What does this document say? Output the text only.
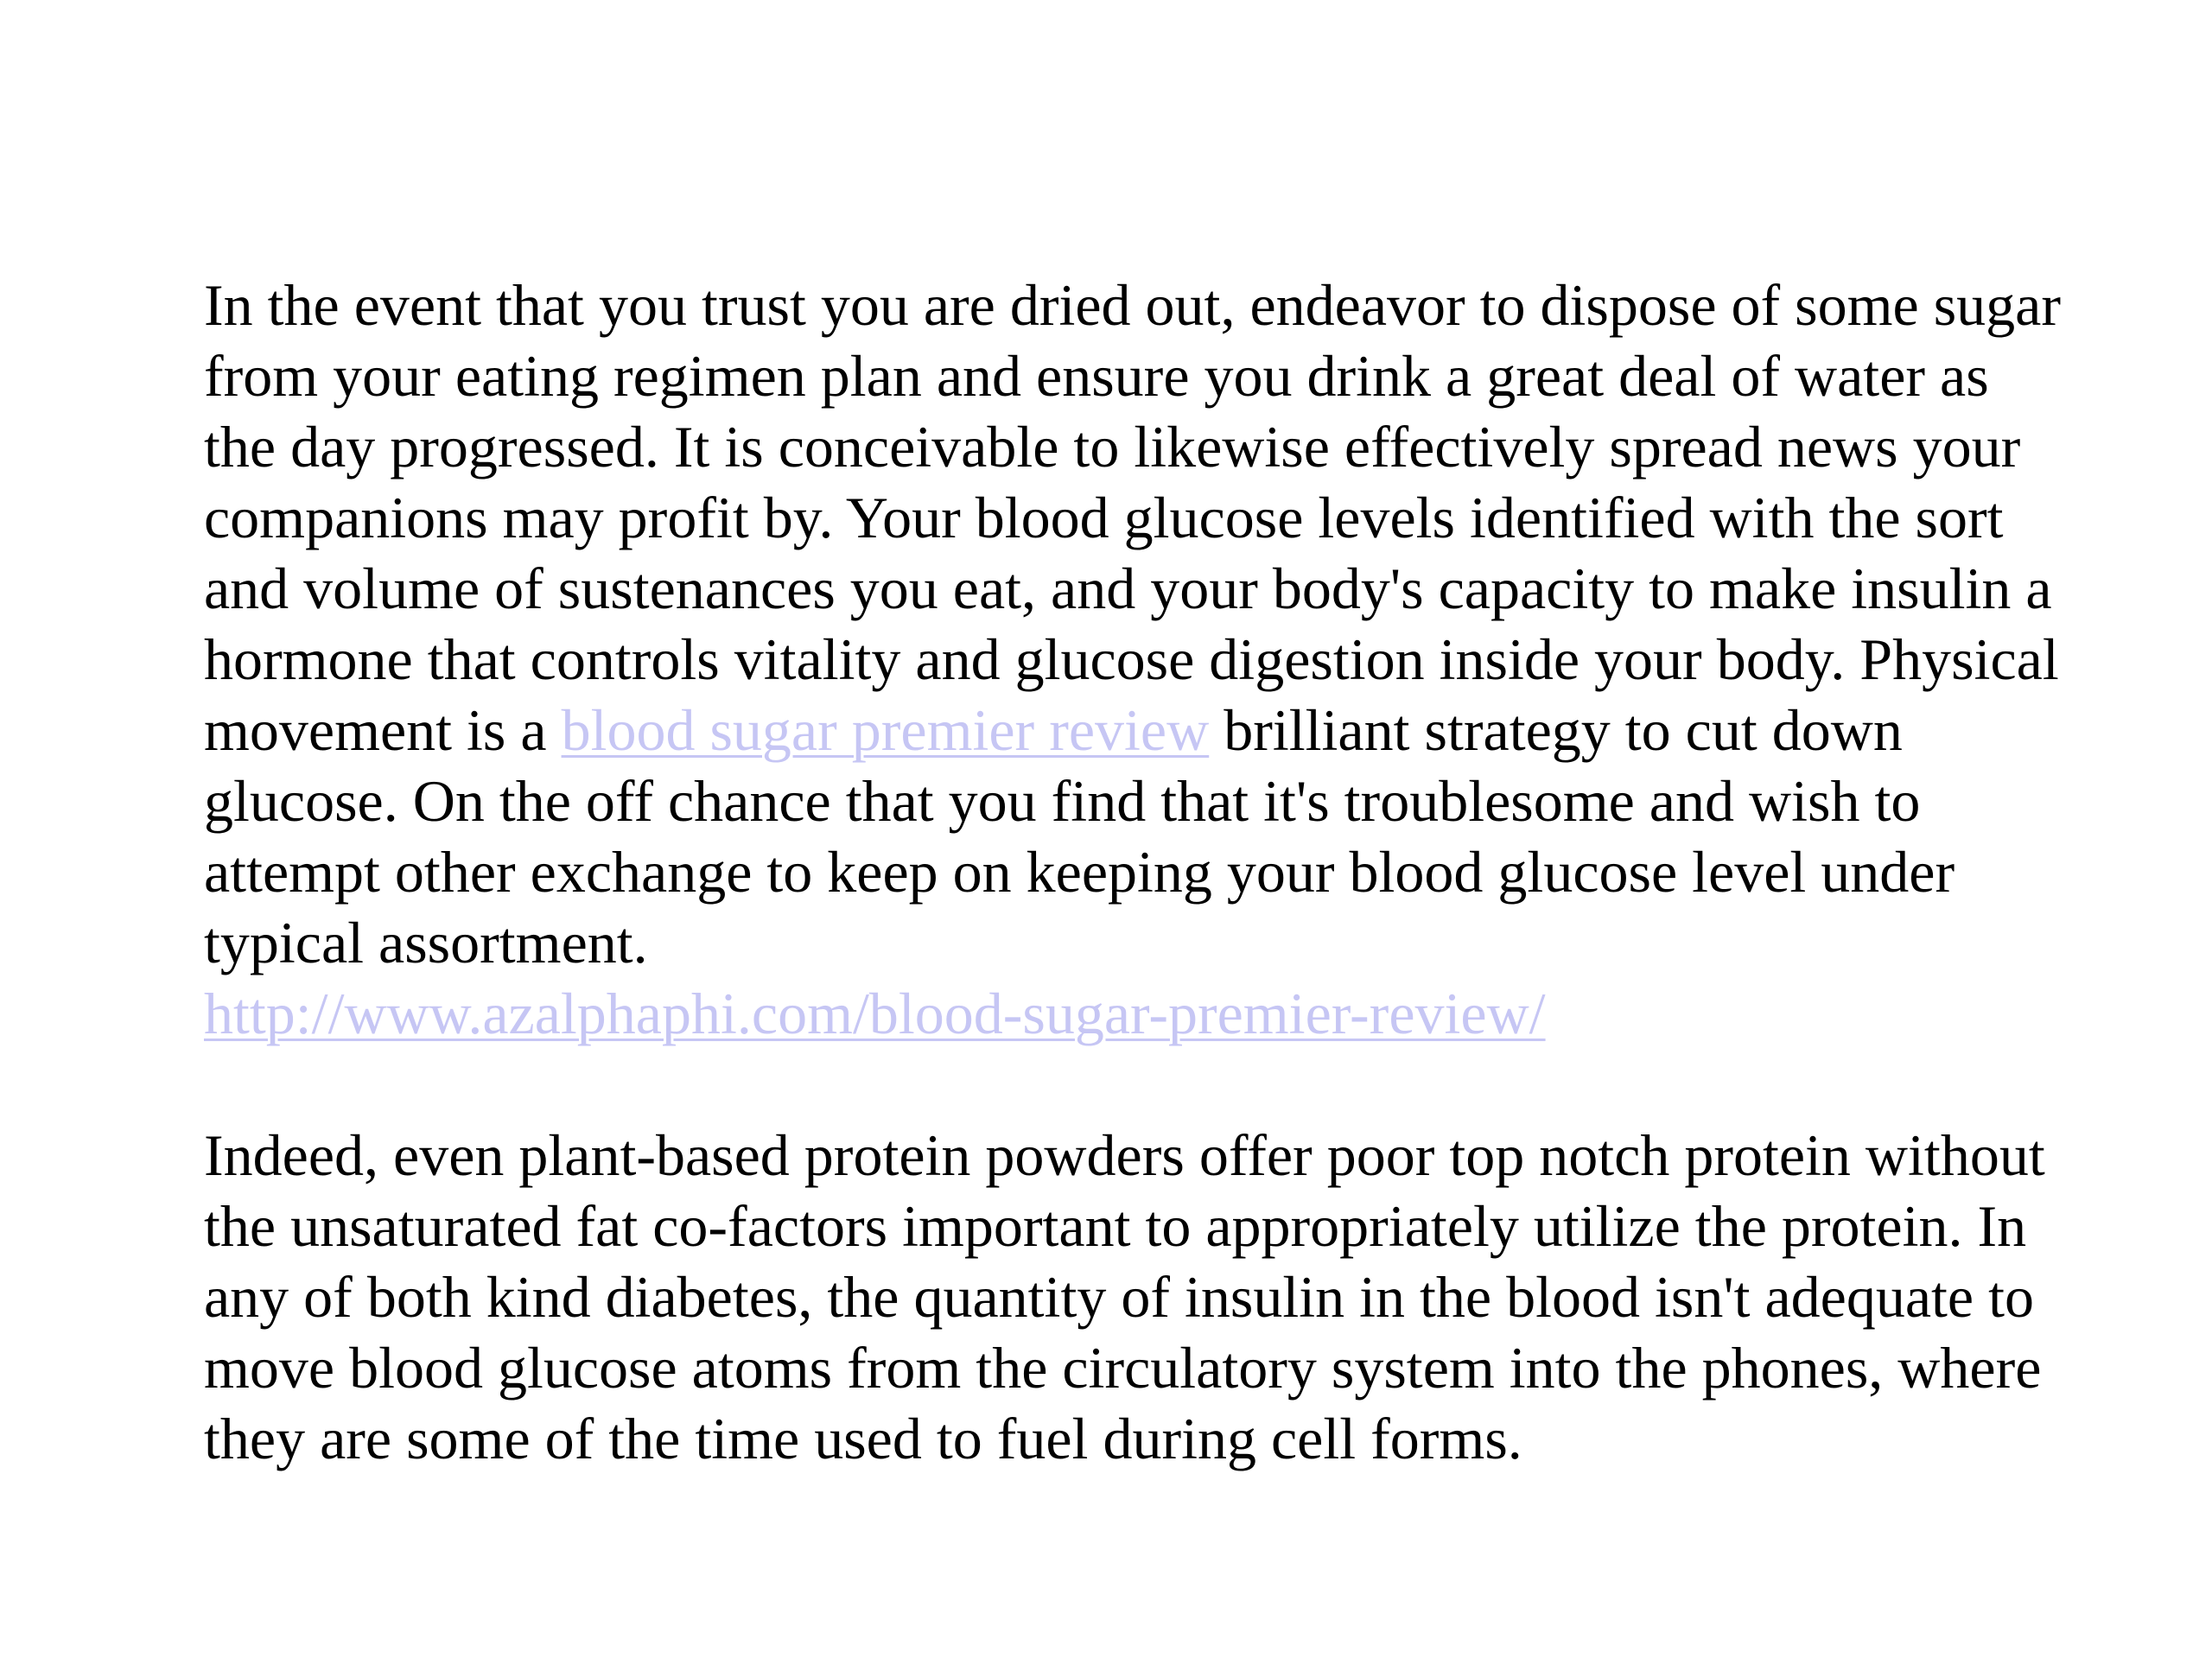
In the event that you trust you are dried out, endeavor to dispose of some sugar from your eating regimen plan and ensure you drink a great deal of water as the day progressed. It is conceivable to likewise effectively spread news your companions may profit by. Your blood glucose levels identified with the sort and volume of sustenances you eat, and your body's capacity to make insulin a hormone that controls vitality and glucose digestion inside your body. Physical movement is a blood sugar premier review brilliant strategy to cut down glucose. On the off chance that you find that it's troublesome and wish to attempt other exchange to keep on keeping your blood glucose level under typical assortment.
http://www.azalphaphi.com/blood-sugar-premier-review/

Indeed, even plant-based protein powders offer poor top notch protein without the unsaturated fat co-factors important to appropriately utilize the protein. In any of both kind diabetes, the quantity of insulin in the blood isn't adequate to move blood glucose atoms from the circulatory system into the phones, where they are some of the time used to fuel during cell forms.
